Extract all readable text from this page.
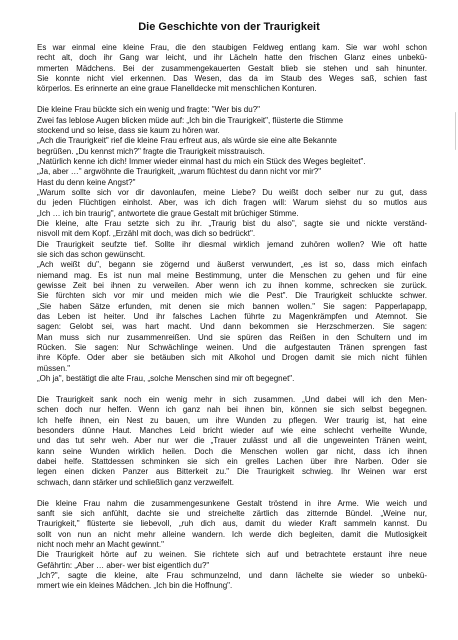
Die Geschichte von der Traurigkeit

Es war einmal eine kleine Frau, die den staubigen Feldweg entlang kam. Sie war wohl schon

recht alt, doch ihr Gang war leicht, und ihr Lächeln hatte den frischen Glanz eines unbekü-

mmerten Mädchens. Bei der zusammengekauerten Gestalt blieb sie stehen und sah hinunter.

Sie konnte nicht viel erkennen. Das Wesen, das da im Staub des Weges saß, schien fast

körperlos. Es erinnerte an eine graue Flanelldecke mit menschlichen Konturen.

Die kleine Frau bückte sich ein wenig und fragte: "Wer bis du?"

Zwei fas leblose Augen blicken müde auf: „Ich bin die Traurigkeit", flüsterte die Stimme

stockend und so leise, dass sie kaum zu hören war.

„Ach die Traurigkeit" rief die kleine Frau erfreut aus, als würde sie eine alte Bekannte

begrüßen. „Du kennst mich?" fragte die Traurigkeit misstrauisch.

„Natürlich kenne ich dich! Immer wieder einmal hast du mich ein Stück des Weges begleitet".

„Ja, aber …" argwöhnte die Traurigkeit, „warum flüchtest du dann nicht vor mir?"

Hast du denn keine Angst?"

„Warum sollte sich vor dir davonlaufen, meine Liebe? Du weißt doch selber nur zu gut, dass

du jeden Flüchtigen einholst. Aber, was ich dich fragen will: Warum siehst du so mutlos aus

„Ich … ich bin traurig", antwortete die graue Gestalt mit brüchiger Stimme.

Die kleine, alte Frau setzte sich zu ihr. „Traurig bist du also", sagte sie und nickte verständ-

nisvoll mit dem Kopf. „Erzähl mit doch, was dich so bedrückt".

Die Traurigkeit seufzte tief. Sollte ihr diesmal wirklich jemand zuhören wollen? Wie oft hatte

sie sich das schon gewünscht.

„Ach weißt du", begann sie zögernd und äußerst verwundert, „es ist so, dass mich einfach

niemand mag. Es ist nun mal meine Bestimmung, unter die Menschen zu gehen und für eine

gewisse Zeit bei ihnen zu verweilen. Aber wenn ich zu ihnen komme, schrecken sie zurück.

Sie fürchten sich vor mir und meiden mich wie die Pest". Die Traurigkeit schluckte schwer.

„Sie haben Sätze erfunden, mit denen sie mich bannen wollen." Sie sagen: Papperlapapp,

das Leben ist heiter. Und ihr falsches Lachen führte zu Magenkrämpfen und Atemnot. Sie

sagen: Gelobt sei, was hart macht. Und dann bekommen sie Herzschmerzen. Sie sagen:

Man muss sich nur zusammenreißen. Und sie spüren das Reißen in den Schultern und im

Rücken. Sie sagen: Nur Schwächlinge weinen. Und die aufgestauten Tränen sprengen fast

ihre Köpfe. Oder aber sie betäuben sich mit Alkohol und Drogen damit sie mich nicht fühlen

müssen."

„Oh ja", bestätigt die alte Frau, „solche Menschen sind mir oft begegnet".

Die Traurigkeit sank noch ein wenig mehr in sich zusammen. „Und dabei will ich den Men-

schen doch nur helfen. Wenn ich ganz nah bei ihnen bin, können sie sich selbst begegnen.

Ich helfe ihnen, ein Nest zu bauen, um ihre Wunden zu pflegen. Wer traurig ist, hat eine

besonders dünne Haut. Manches Leid bricht wieder auf wie eine schlecht verheilte Wunde,

und das tut sehr weh. Aber nur wer die „Trauer zulässt und all die ungeweinten Tränen weint,

kann seine Wunden wirklich heilen. Doch die Menschen wollen gar nicht, dass ich ihnen

dabei helfe. Stattdessen schminken sie sich ein grelles Lachen über ihre Narben. Oder sie

legen einen dicken Panzer aus Bitterkeit zu." Die Traurigkeit schwieg. Ihr Weinen war erst

schwach, dann stärker und schließlich ganz verzweifelt.

Die kleine Frau nahm die zusammengesunkene Gestalt tröstend in ihre Arme. Wie weich und

sanft sie sich anfühlt, dachte sie und streichelte zärtlich das zitternde Bündel. „Weine nur,

Traurigkeit," flüsterte sie liebevoll, „ruh dich aus, damit du wieder Kraft sammeln kannst. Du

sollt von nun an nicht mehr alleine wandern. Ich werde dich begleiten, damit die Mutlosigkeit

nicht noch mehr an Macht gewinnt."

Die Traurigkeit hörte auf zu weinen. Sie richtete sich auf und betrachtete erstaunt ihre neue

Gefährtin: „Aber … aber- wer bist eigentlich du?"

„Ich?", sagte die kleine, alte Frau schmunzelnd, und dann lächelte sie wieder so unbekü-

mmert wie ein kleines Mädchen. „Ich bin die Hoffnung".
